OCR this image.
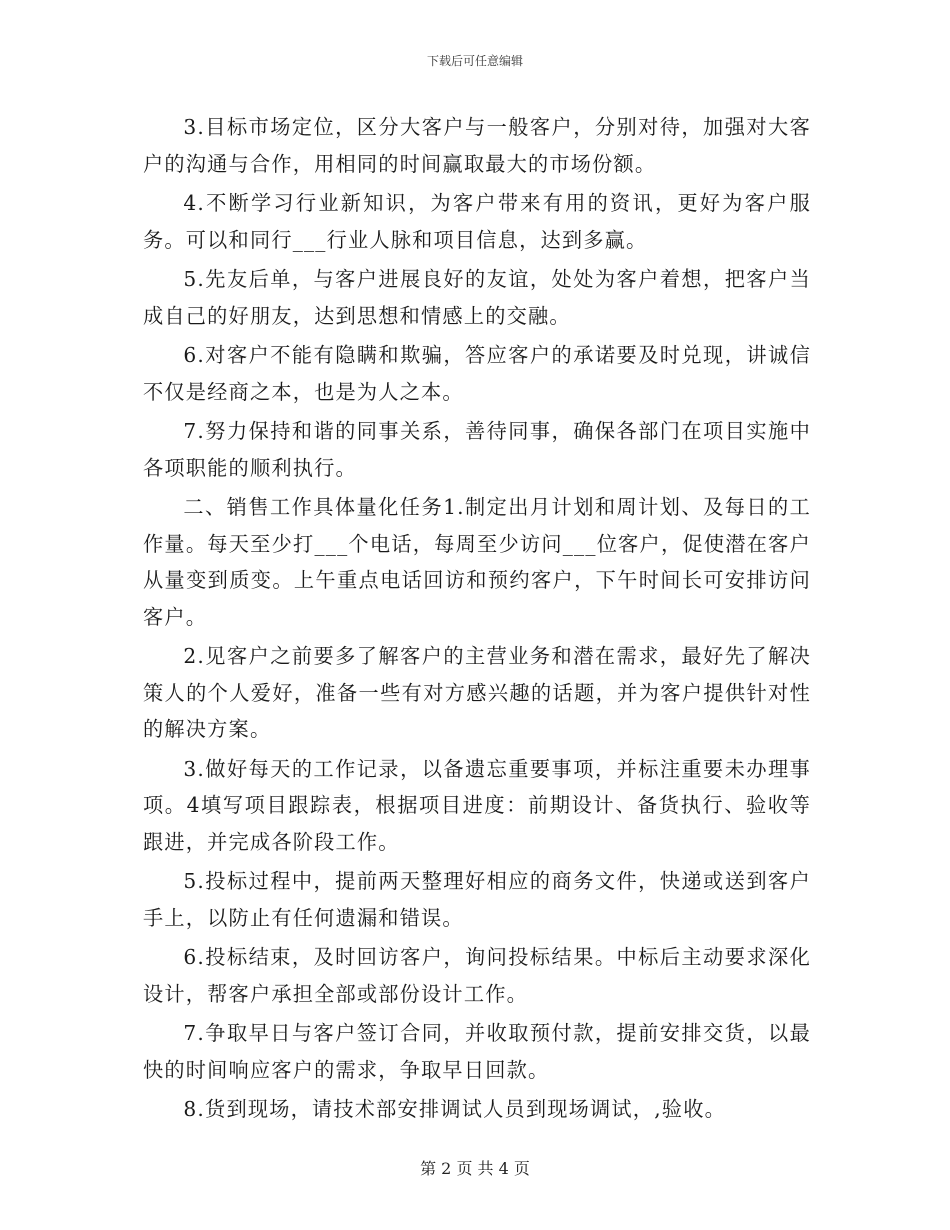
下载后可任意编辑

3.目标市场定位，区分大客户与一般客户，分别对待，加强对大客户的沟通与合作，用相同的时间赢取最大的市场份额。

4.不断学习行业新知识，为客户带来有用的资讯，更好为客户服务。可以和同行___行业人脉和项目信息，达到多赢。

5.先友后单，与客户进展良好的友谊，处处为客户着想，把客户当成自己的好朋友，达到思想和情感上的交融。

6.对客户不能有隐瞒和欺骗，答应客户的承诺要及时兑现，讲诚信不仅是经商之本，也是为人之本。

7.努力保持和谐的同事关系，善待同事，确保各部门在项目实施中各项职能的顺利执行。

二、销售工作具体量化任务1.制定出月计划和周计划、及每日的工作量。每天至少打___个电话，每周至少访问___位客户，促使潜在客户从量变到质变。上午重点电话回访和预约客户，下午时间长可安排访问客户。

2.见客户之前要多了解客户的主营业务和潜在需求，最好先了解决策人的个人爱好，准备一些有对方感兴趣的话题，并为客户提供针对性的解决方案。

3.做好每天的工作记录，以备遗忘重要事项，并标注重要未办理事项。4填写项目跟踪表，根据项目进度：前期设计、备货执行、验收等跟进，并完成各阶段工作。

5.投标过程中，提前两天整理好相应的商务文件，快递或送到客户手上，以防止有任何遗漏和错误。

6.投标结束，及时回访客户，询问投标结果。中标后主动要求深化设计，帮客户承担全部或部份设计工作。

7.争取早日与客户签订合同，并收取预付款，提前安排交货，以最快的时间响应客户的需求，争取早日回款。

8.货到现场，请技术部安排调试人员到现场调试，,验收。

第 2 页 共 4 页
